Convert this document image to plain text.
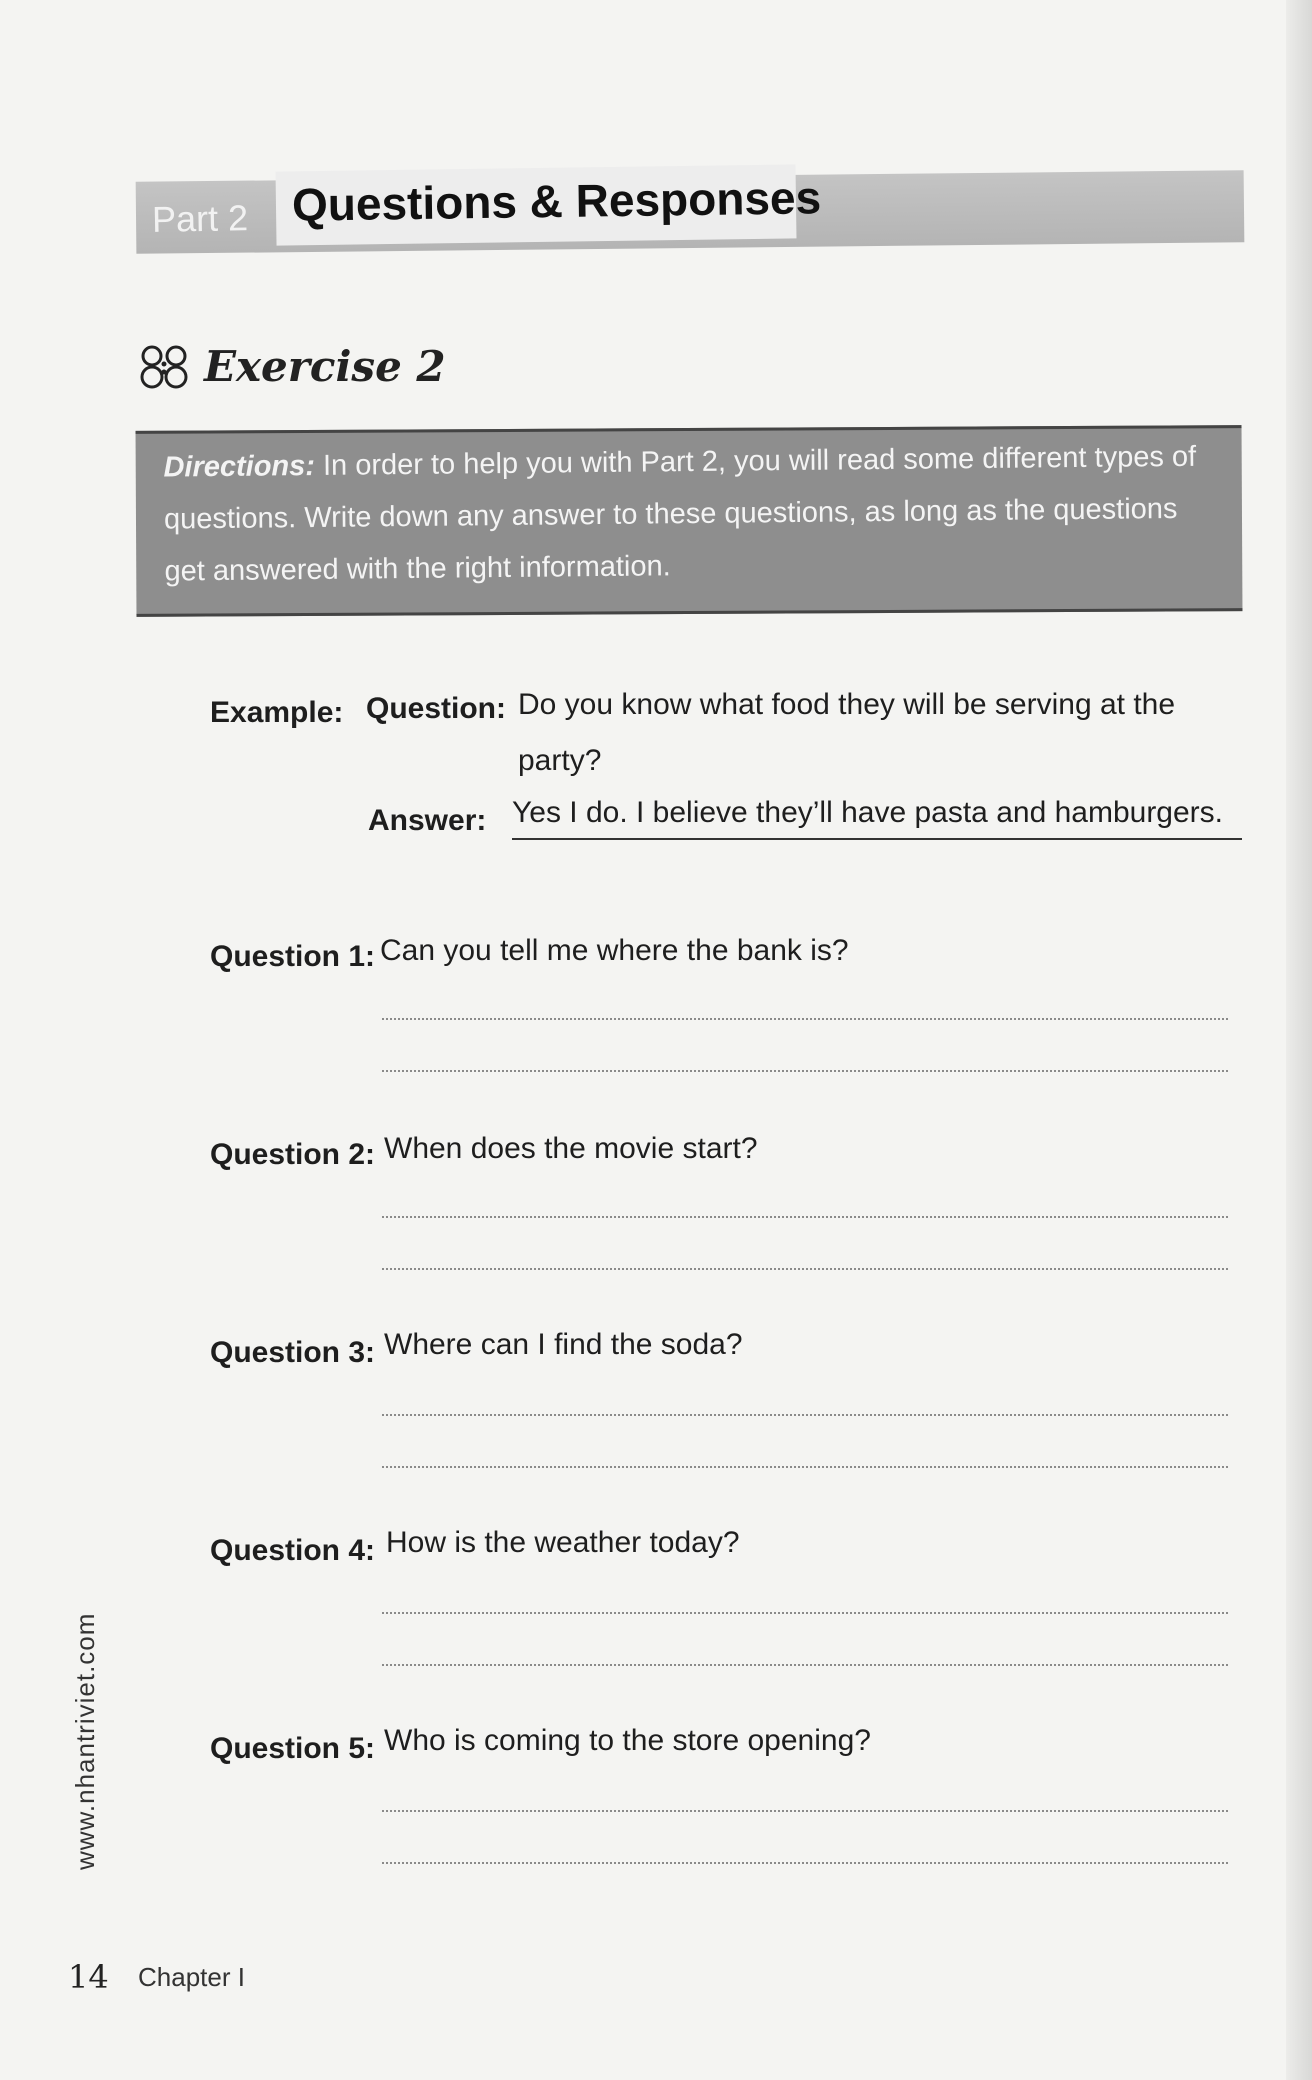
Part 2 Questions & Responses
Exercise 2
Directions: In order to help you with Part 2, you will read some different types of questions. Write down any answer to these questions, as long as the questions get answered with the right information.
Example: Question: Do you know what food they will be serving at the
party?
Answer: Yes I do. I believe they’ll have pasta and hamburgers.
Question 1: Can you tell me where the bank is?
Question 2: When does the movie start?
Question 3: Where can I find the soda?
Question 4: How is the weather today?
Question 5: Who is coming to the store opening?
www.nhantriviet.com
14 Chapter I
